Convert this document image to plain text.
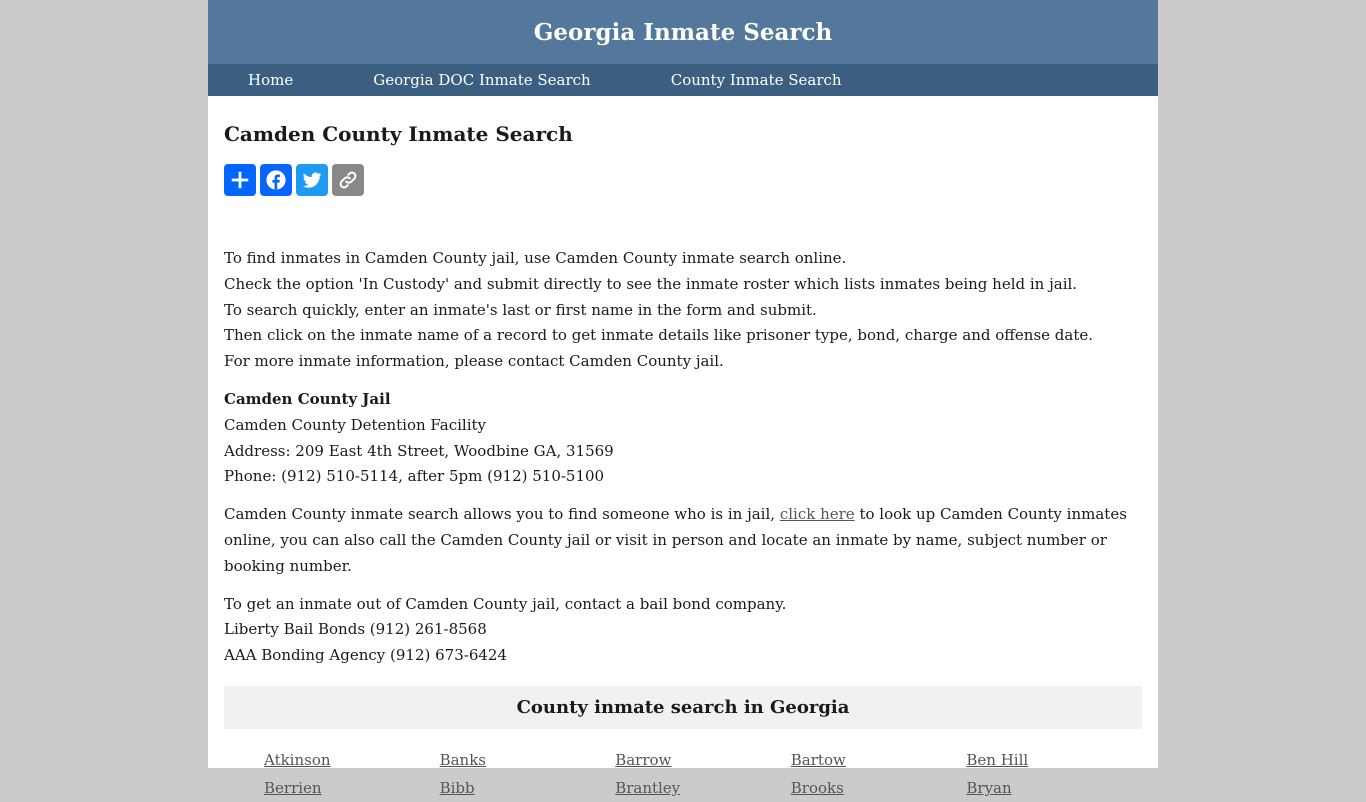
Georgia Inmate Search
Home	Georgia DOC Inmate Search	County Inmate Search
Camden County Inmate Search

To find inmates in Camden County jail, use Camden County inmate search online.
Check the option 'In Custody' and submit directly to see the inmate roster which lists inmates being held in jail.
To search quickly, enter an inmate's last or first name in the form and submit.
Then click on the inmate name of a record to get inmate details like prisoner type, bond, charge and offense date.
For more inmate information, please contact Camden County jail.

Camden County Jail
Camden County Detention Facility
Address: 209 East 4th Street, Woodbine GA, 31569
Phone: (912) 510-5114, after 5pm (912) 510-5100

Camden County inmate search allows you to find someone who is in jail, click here to look up Camden County inmates online, you can also call the Camden County jail or visit in person and locate an inmate by name, subject number or booking number.

To get an inmate out of Camden County jail, contact a bail bond company.
Liberty Bail Bonds (912) 261-8568
AAA Bonding Agency (912) 673-6424

County inmate search in Georgia
Atkinson	Banks	Barrow	Bartow	Ben Hill
Berrien	Bibb	Brantley	Brooks	Bryan
